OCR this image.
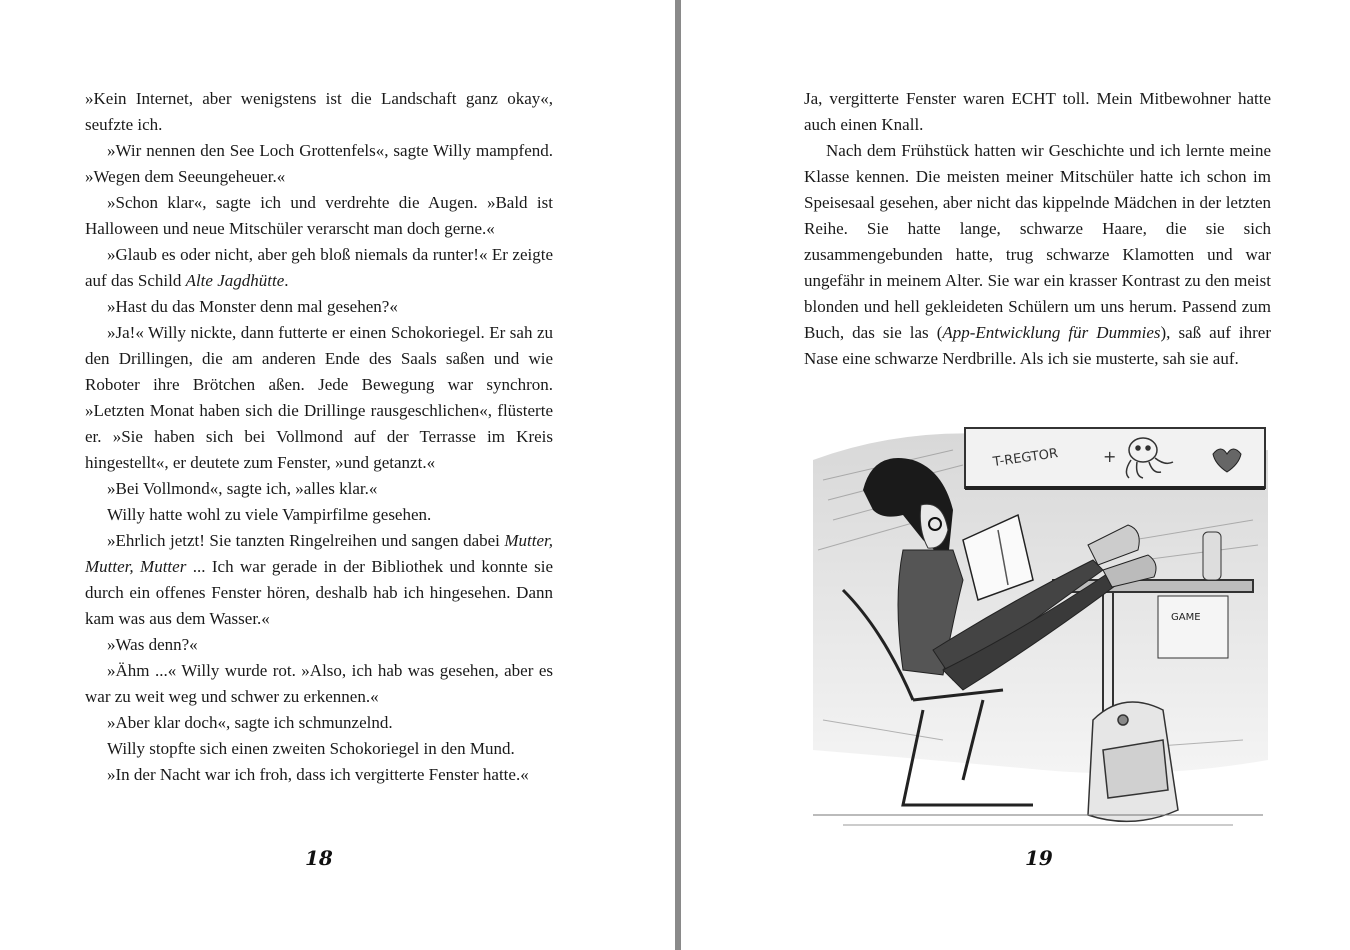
»Kein Internet, aber wenigstens ist die Landschaft ganz okay«, seufzte ich.

»Wir nennen den See Loch Grottenfels«, sagte Willy mampfend. »Wegen dem Seeungeheuer.«

»Schon klar«, sagte ich und verdrehte die Augen. »Bald ist Halloween und neue Mitschüler verarscht man doch gerne.«

»Glaub es oder nicht, aber geh bloß niemals da runter!« Er zeigte auf das Schild Alte Jagdhütte.

»Hast du das Monster denn mal gesehen?«

»Ja!« Willy nickte, dann futterte er einen Schokoriegel. Er sah zu den Drillingen, die am anderen Ende des Saals saßen und wie Roboter ihre Brötchen aßen. Jede Bewegung war synchron. »Letzten Monat haben sich die Drillinge rausgeschlichen«, flüsterte er. »Sie haben sich bei Vollmond auf der Terrasse im Kreis hingestellt«, er deutete zum Fenster, »und getanzt.«

»Bei Vollmond«, sagte ich, »alles klar.«

Willy hatte wohl zu viele Vampirfilme gesehen.

»Ehrlich jetzt! Sie tanzten Ringelreihen und sangen dabei Mutter, Mutter, Mutter ... Ich war gerade in der Bibliothek und konnte sie durch ein offenes Fenster hören, deshalb hab ich hingesehen. Dann kam was aus dem Wasser.«

»Was denn?«

»Ähm ...« Willy wurde rot. »Also, ich hab was gesehen, aber es war zu weit weg und schwer zu erkennen.«

»Aber klar doch«, sagte ich schmunzelnd.

Willy stopfte sich einen zweiten Schokoriegel in den Mund.

»In der Nacht war ich froh, dass ich vergitterte Fenster hatte.«

18

Ja, vergitterte Fenster waren ECHT toll. Mein Mitbewohner hatte auch einen Knall.

Nach dem Frühstück hatten wir Geschichte und ich lernte meine Klasse kennen. Die meisten meiner Mitschüler hatte ich schon im Speisesaal gesehen, aber nicht das kippelnde Mädchen in der letzten Reihe. Sie hatte lange, schwarze Haare, die sie sich zusammengebunden hatte, trug schwarze Klamotten und war ungefähr in meinem Alter. Sie war ein krasser Kontrast zu den meist blonden und hell gekleideten Schülern um uns herum. Passend zum Buch, das sie las (App-Entwicklung für Dummies), saß auf ihrer Nase eine schwarze Nerdbrille. Als ich sie musterte, sah sie auf.

T-REGTOR	+
GAME
19
